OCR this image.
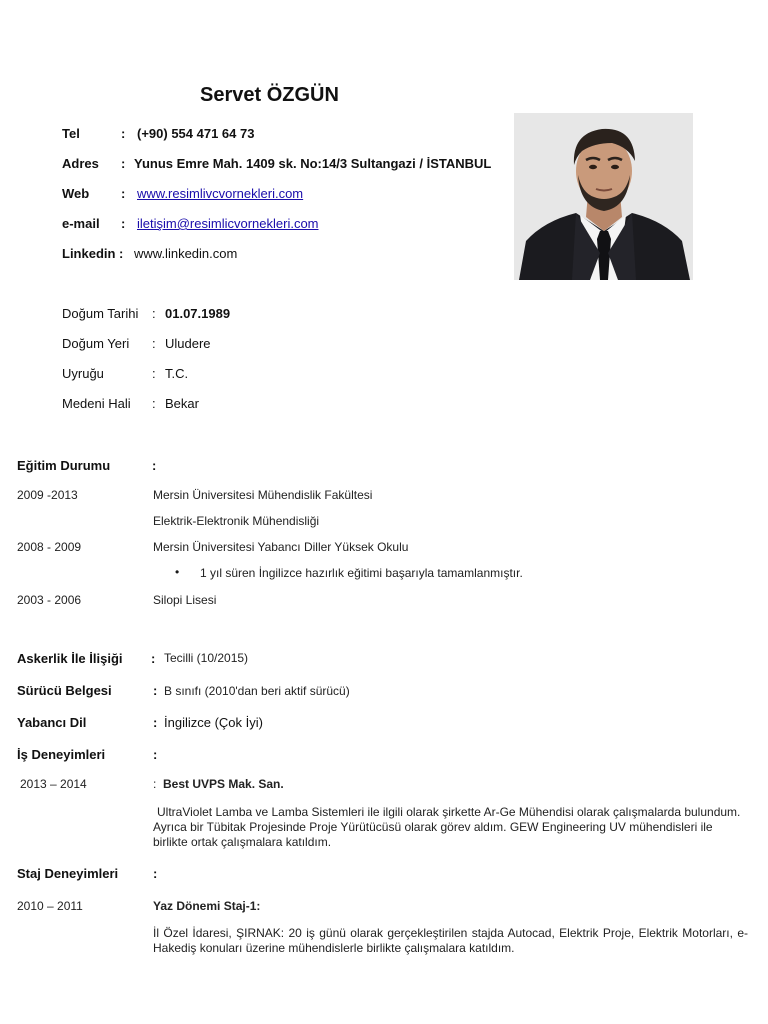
Servet ÖZGÜN
Tel	: (+90) 554 471 64 73
Adres : Yunus Emre Mah. 1409 sk. No:14/3 Sultangazi / İSTANBUL
Web : www.resimlivcvornekleri.com
e-mail : iletişim@resimlicvornekleri.com
Linkedin : www.linkedin.com
Doğum Tarihi : 01.07.1989
Doğum Yeri : Uludere
Uyruğu	: T.C.
Medeni Hali : Bekar
Eğitim Durumu	:
2009 -2013	Mersin Üniversitesi Mühendislik Fakültesi
Elektrik-Elektronik Mühendisliği
2008 - 2009	Mersin Üniversitesi Yabancı Diller Yüksek Okulu
• 1 yıl süren İngilizce hazırlık eğitimi başarıyla tamamlanmıştır.
2003 - 2006	Silopi Lisesi
Askerlik İle İlişiği : Tecilli (10/2015)
Sürücü Belgesi	: B sınıfı (2010'dan beri aktif sürücü)
Yabancı Dil	: İngilizce (Çok İyi)
İş Deneyimleri	:
2013 – 2014	: Best UVPS Mak. San.
UltraViolet Lamba ve Lamba Sistemleri ile ilgili olarak şirkette Ar-Ge Mühendisi olarak çalışmalarda bulundum. Ayrıca bir Tübitak Projesinde Proje Yürütücüsü olarak görev aldım. GEW Engineering UV mühendisleri ile birlikte ortak çalışmalara katıldım.
Staj Deneyimleri	:
2010 – 2011	Yaz Dönemi Staj-1:
İl Özel İdaresi, ŞIRNAK: 20 iş günü olarak gerçekleştirilen stajda Autocad, Elektrik Proje, Elektrik Motorları, e-Hakediş konuları üzerine mühendislerle birlikte çalışmalara katıldım.
